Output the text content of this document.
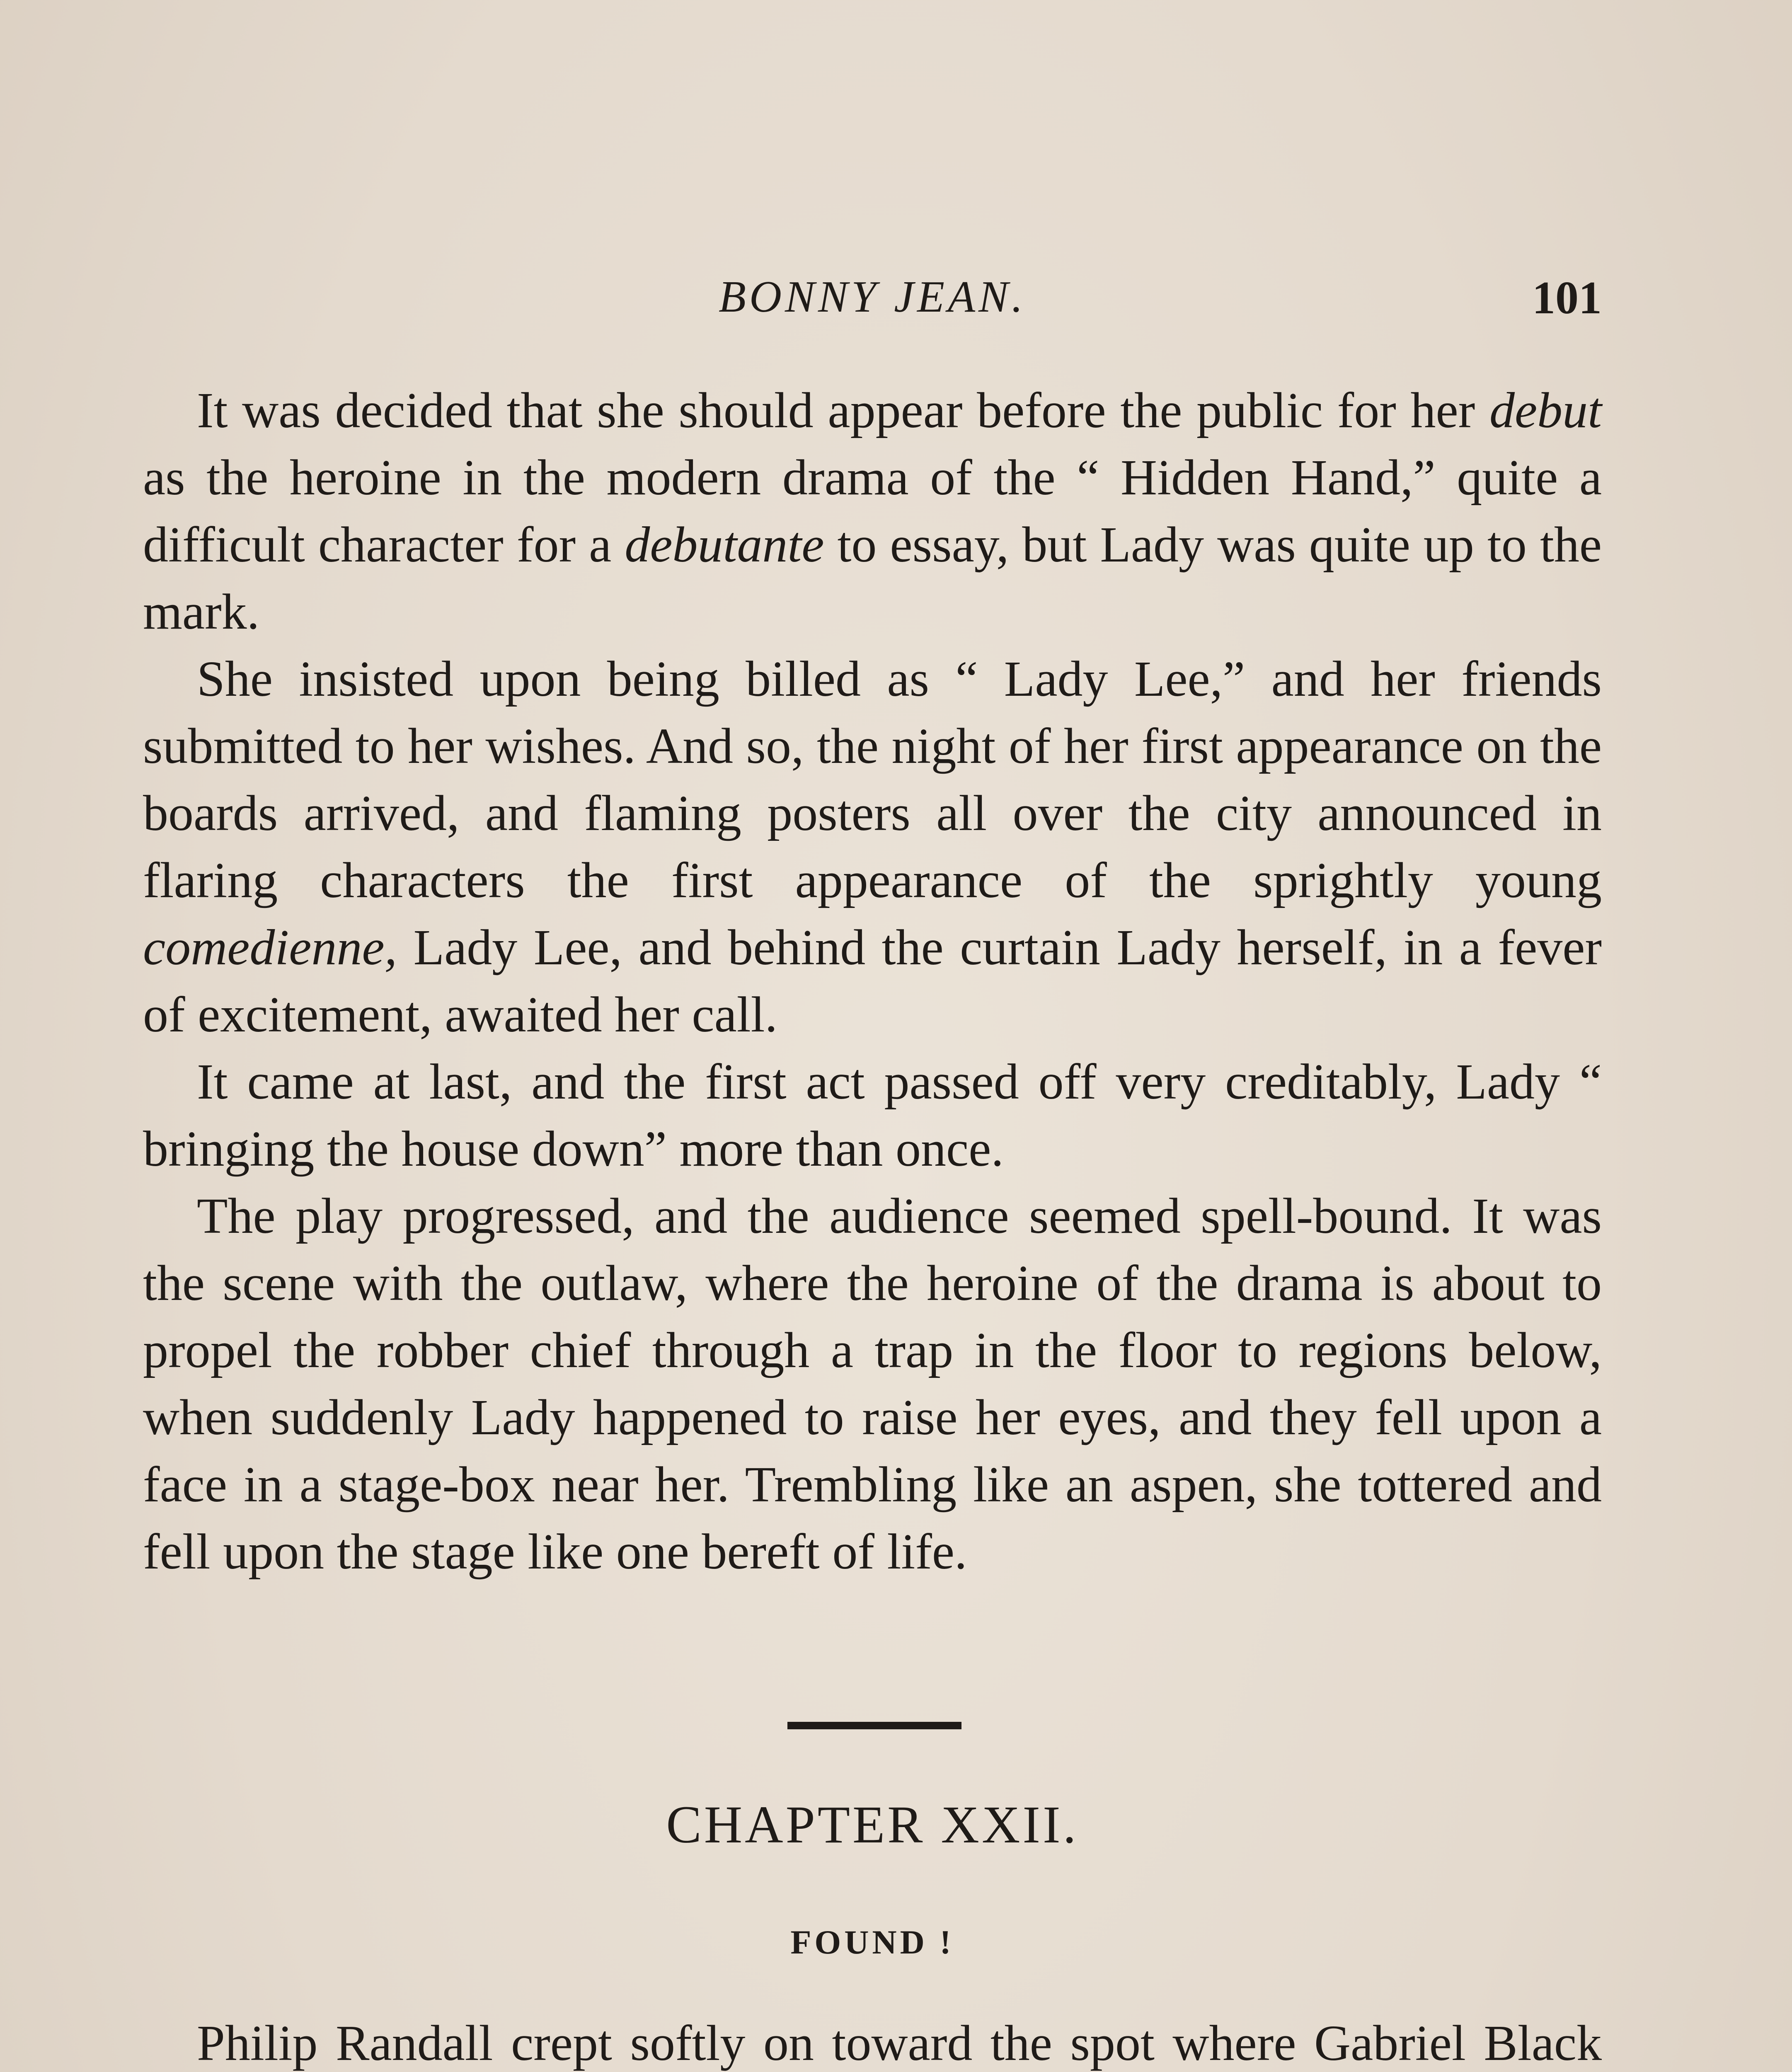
BONNY JEAN.	101

It was decided that she should appear before the public for her debut as the heroine in the modern drama of the “ Hidden Hand,” quite a difficult character for a debutante to essay, but Lady was quite up to the mark.

She insisted upon being billed as “ Lady Lee,” and her friends submitted to her wishes. And so, the night of her first appearance on the boards arrived, and flaming posters all over the city announced in flaring characters the first appearance of the sprightly young comedienne, Lady Lee, and behind the curtain Lady herself, in a fever of excitement, awaited her call.

It came at last, and the first act passed off very creditably, Lady “ bringing the house down” more than once.

The play progressed, and the audience seemed spell-bound. It was the scene with the outlaw, where the heroine of the drama is about to propel the robber chief through a trap in the floor to regions below, when suddenly Lady happened to raise her eyes, and they fell upon a face in a stage-box near her. Trembling like an aspen, she tottered and fell upon the stage like one bereft of life.

CHAPTER XXII.
FOUND !

Philip Randall crept softly on toward the spot where Gabriel Black
